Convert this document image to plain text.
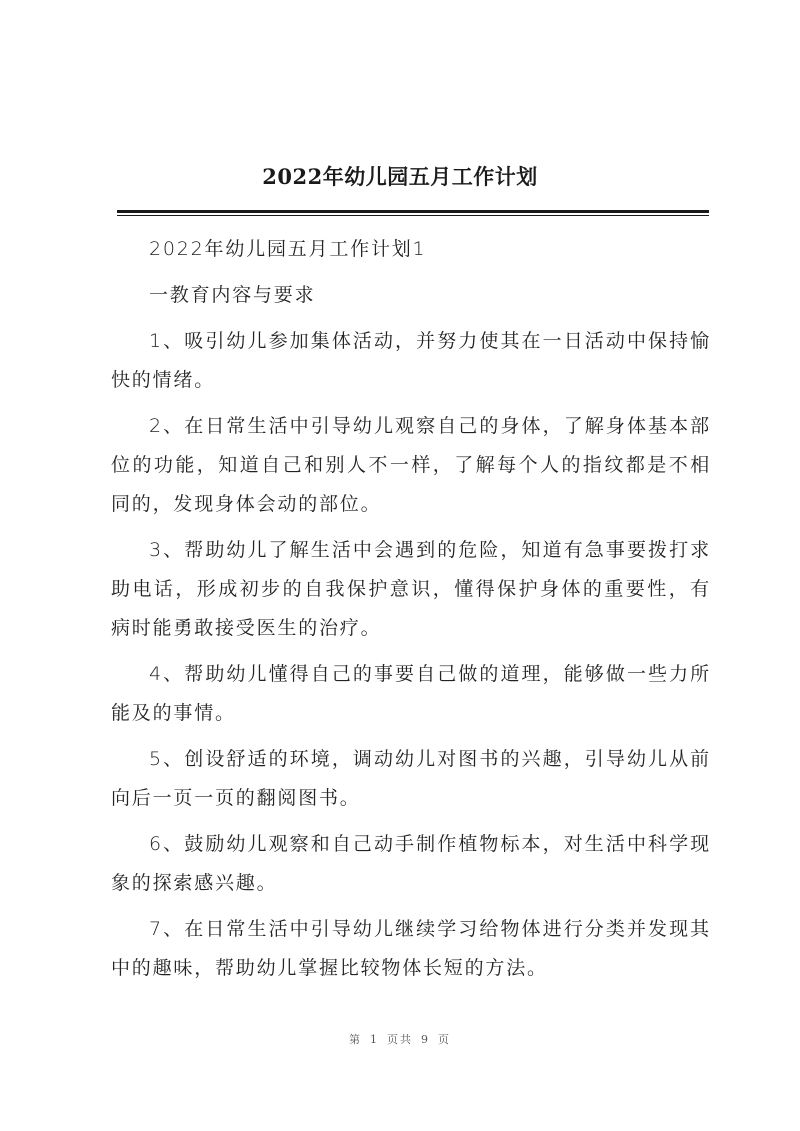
2022年幼儿园五月工作计划

2022年幼儿园五月工作计划1

一教育内容与要求

1、吸引幼儿参加集体活动，并努力使其在一日活动中保持愉快的情绪。

2、在日常生活中引导幼儿观察自己的身体，了解身体基本部位的功能，知道自己和别人不一样，了解每个人的指纹都是不相同的，发现身体会动的部位。

3、帮助幼儿了解生活中会遇到的危险，知道有急事要拨打求助电话，形成初步的自我保护意识，懂得保护身体的重要性，有病时能勇敢接受医生的治疗。

4、帮助幼儿懂得自己的事要自己做的道理，能够做一些力所能及的事情。

5、创设舒适的环境，调动幼儿对图书的兴趣，引导幼儿从前向后一页一页的翻阅图书。

6、鼓励幼儿观察和自己动手制作植物标本，对生活中科学现象的探索感兴趣。

7、在日常生活中引导幼儿继续学习给物体进行分类并发现其中的趣味，帮助幼儿掌握比较物体长短的方法。

第 1 页共 9 页
